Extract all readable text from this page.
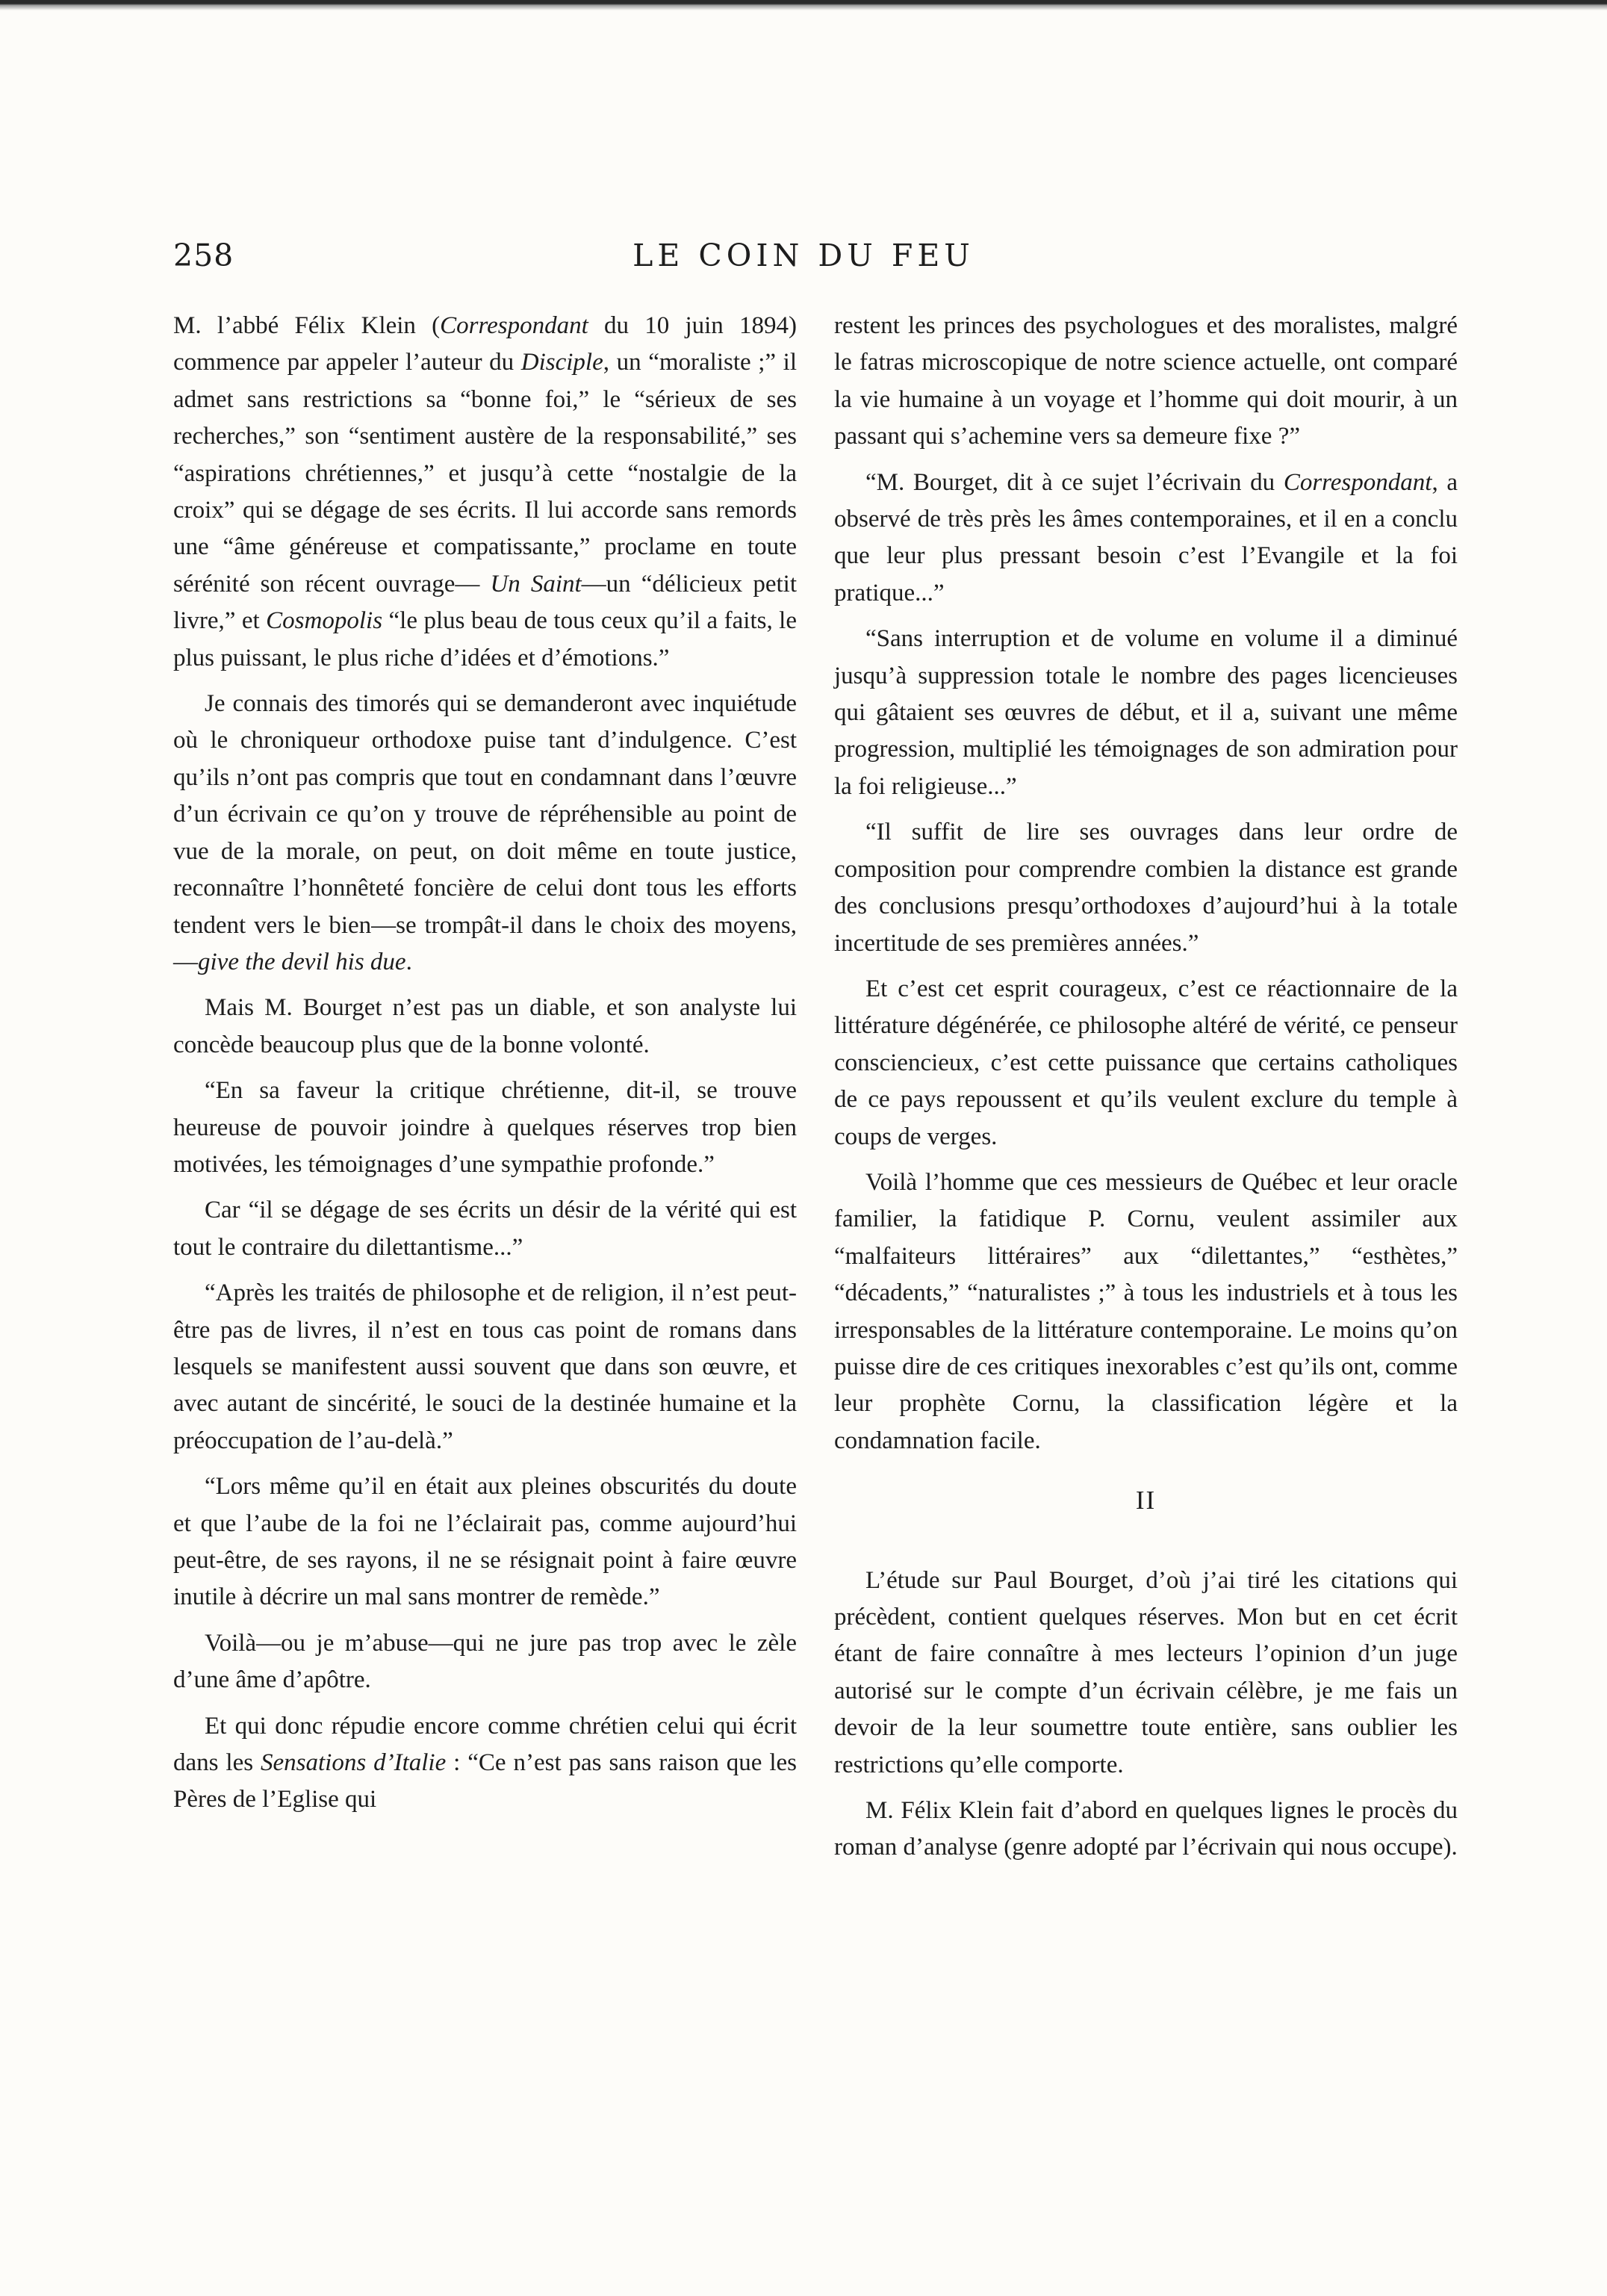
258	LE COIN DU FEU

M. l’abbé Félix Klein (Correspondant du 10 juin 1894) commence par appeler l’auteur du Disciple, un “moraliste ;” il admet sans restrictions sa “bonne foi,” le “sérieux de ses recherches,” son “sentiment austère de la responsabilité,” ses “aspirations chrétiennes,” et jusqu’à cette “nostalgie de la croix” qui se dégage de ses écrits. Il lui accorde sans remords une “âme généreuse et compatissante,” proclame en toute sérénité son récent ouvrage— Un Saint—un “délicieux petit livre,” et Cosmopolis “le plus beau de tous ceux qu’il a faits, le plus puissant, le plus riche d’idées et d’émotions.”

Je connais des timorés qui se demanderont avec inquiétude où le chroniqueur orthodoxe puise tant d’indulgence. C’est qu’ils n’ont pas compris que tout en condamnant dans l’œuvre d’un écrivain ce qu’on y trouve de répréhensible au point de vue de la morale, on peut, on doit même en toute justice, reconnaître l’honnêteté foncière de celui dont tous les efforts tendent vers le bien—se trompât-il dans le choix des moyens,—give the devil his due.

Mais M. Bourget n’est pas un diable, et son analyste lui concède beaucoup plus que de la bonne volonté.

“En sa faveur la critique chrétienne, dit-il, se trouve heureuse de pouvoir joindre à quelques réserves trop bien motivées, les témoignages d’une sympathie profonde.”

Car “il se dégage de ses écrits un désir de la vérité qui est tout le contraire du dilettantisme...”

“Après les traités de philosophe et de religion, il n’est peut-être pas de livres, il n’est en tous cas point de romans dans lesquels se manifestent aussi souvent que dans son œuvre, et avec autant de sincérité, le souci de la destinée humaine et la préoccupation de l’au-delà.”

“Lors même qu’il en était aux pleines obscurités du doute et que l’aube de la foi ne l’éclairait pas, comme aujourd’hui peut-être, de ses rayons, il ne se résignait point à faire œuvre inutile à décrire un mal sans montrer de remède.”

Voilà—ou je m’abuse—qui ne jure pas trop avec le zèle d’une âme d’apôtre.

Et qui donc répudie encore comme chrétien celui qui écrit dans les Sensations d’Italie : “Ce n’est pas sans raison que les Pères de l’Eglise qui

restent les princes des psychologues et des moralistes, malgré le fatras microscopique de notre science actuelle, ont comparé la vie humaine à un voyage et l’homme qui doit mourir, à un passant qui s’achemine vers sa demeure fixe ?”

“M. Bourget, dit à ce sujet l’écrivain du Correspondant, a observé de très près les âmes contemporaines, et il en a conclu que leur plus pressant besoin c’est l’Evangile et la foi pratique...”

“Sans interruption et de volume en volume il a diminué jusqu’à suppression totale le nombre des pages licencieuses qui gâtaient ses œuvres de début, et il a, suivant une même progression, multiplié les témoignages de son admiration pour la foi religieuse...”

“Il suffit de lire ses ouvrages dans leur ordre de composition pour comprendre combien la distance est grande des conclusions presqu’orthodoxes d’aujourd’hui à la totale incertitude de ses premières années.”

Et c’est cet esprit courageux, c’est ce réactionnaire de la littérature dégénérée, ce philosophe altéré de vérité, ce penseur consciencieux, c’est cette puissance que certains catholiques de ce pays repoussent et qu’ils veulent exclure du temple à coups de verges.

Voilà l’homme que ces messieurs de Québec et leur oracle familier, la fatidique P. Cornu, veulent assimiler aux “malfaiteurs littéraires” aux “dilettantes,” “esthètes,” “décadents,” “naturalistes ;” à tous les industriels et à tous les irresponsables de la littérature contemporaine. Le moins qu’on puisse dire de ces critiques inexorables c’est qu’ils ont, comme leur prophète Cornu, la classification légère et la condamnation facile.

II

L’étude sur Paul Bourget, d’où j’ai tiré les citations qui précèdent, contient quelques réserves. Mon but en cet écrit étant de faire connaître à mes lecteurs l’opinion d’un juge autorisé sur le compte d’un écrivain célèbre, je me fais un devoir de la leur soumettre toute entière, sans oublier les restrictions qu’elle comporte.

M. Félix Klein fait d’abord en quelques lignes le procès du roman d’analyse (genre adopté par l’écrivain qui nous occupe).
